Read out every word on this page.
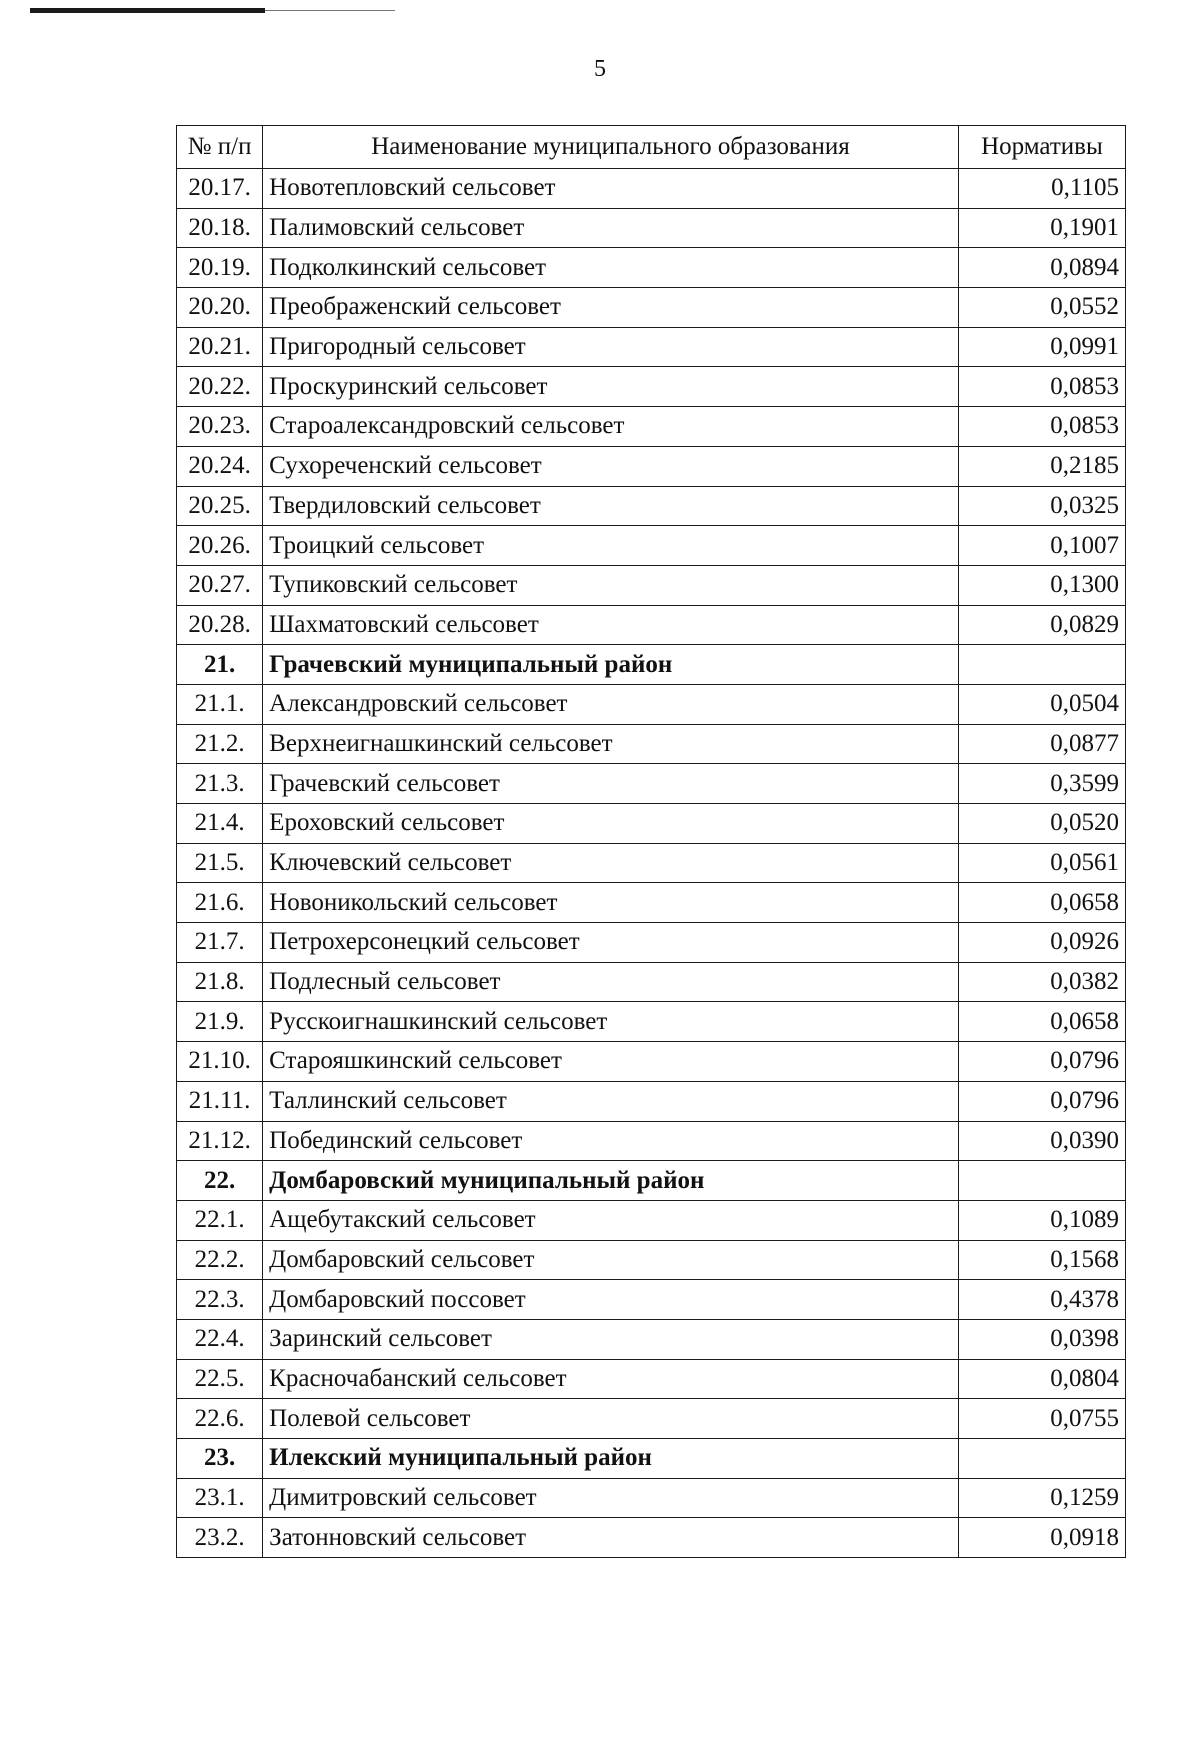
5
№ п/п	Наименование муниципального образования	Нормативы
20.17.	Новотепловский сельсовет	0,1105
20.18.	Палимовский сельсовет	0,1901
20.19.	Подколкинский сельсовет	0,0894
20.20.	Преображенский сельсовет	0,0552
20.21.	Пригородный сельсовет	0,0991
20.22.	Проскуринский сельсовет	0,0853
20.23.	Староалександровский сельсовет	0,0853
20.24.	Сухореченский сельсовет	0,2185
20.25.	Твердиловский сельсовет	0,0325
20.26.	Троицкий сельсовет	0,1007
20.27.	Тупиковский сельсовет	0,1300
20.28.	Шахматовский сельсовет	0,0829
21.	Грачевский муниципальный район	
21.1.	Александровский сельсовет	0,0504
21.2.	Верхнеигнашкинский сельсовет	0,0877
21.3.	Грачевский сельсовет	0,3599
21.4.	Ероховский сельсовет	0,0520
21.5.	Ключевский сельсовет	0,0561
21.6.	Новоникольский сельсовет	0,0658
21.7.	Петрохерсонецкий сельсовет	0,0926
21.8.	Подлесный сельсовет	0,0382
21.9.	Русскоигнашкинский сельсовет	0,0658
21.10.	Старояшкинский сельсовет	0,0796
21.11.	Таллинский сельсовет	0,0796
21.12.	Побединский сельсовет	0,0390
22.	Домбаровский муниципальный район	
22.1.	Ащебутакский сельсовет	0,1089
22.2.	Домбаровский сельсовет	0,1568
22.3.	Домбаровский поссовет	0,4378
22.4.	Заринский сельсовет	0,0398
22.5.	Красночабанский сельсовет	0,0804
22.6.	Полевой сельсовет	0,0755
23.	Илекский муниципальный район	
23.1.	Димитровский сельсовет	0,1259
23.2.	Затонновский сельсовет	0,0918
